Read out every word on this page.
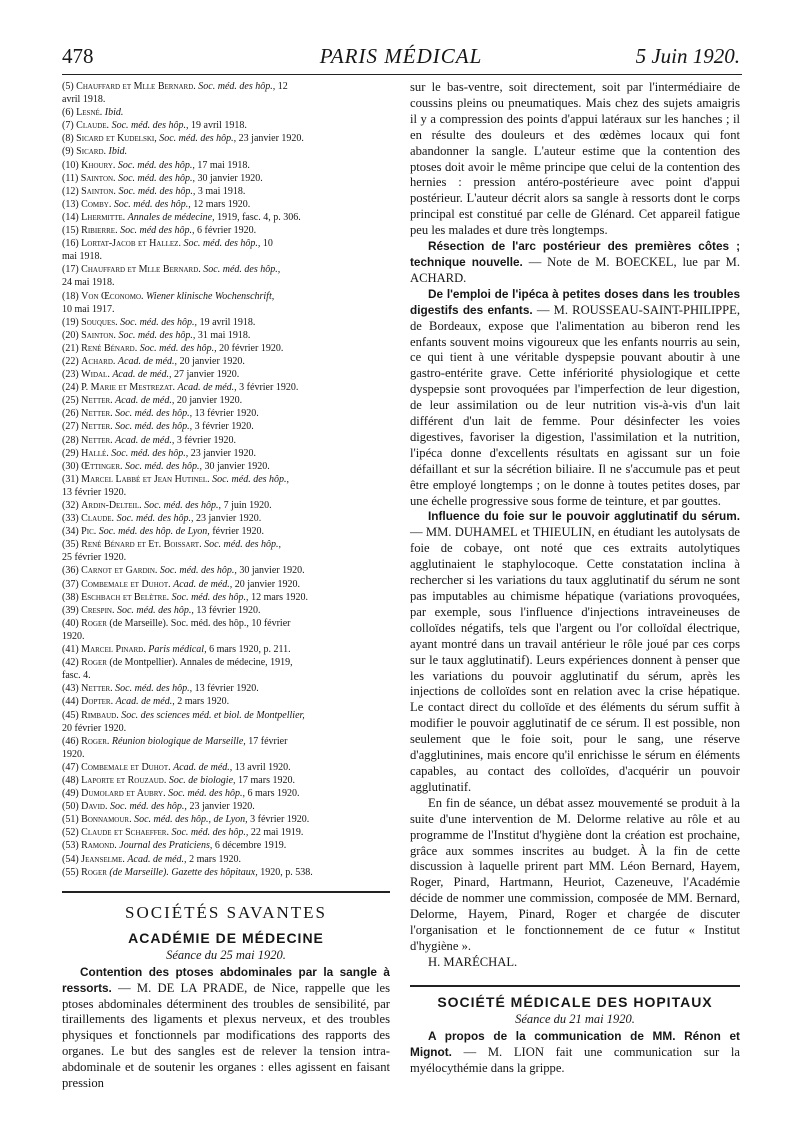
478	PARIS MÉDICAL	5 Juin 1920.

(5) Chauffard et Mlle Bernard. Soc. méd. des hôp., 12

avril 1918.

(6) Lesné. Ibid.

(7) Claude. Soc. méd. des hôp., 19 avril 1918.

(8) Sicard et Kudelski, Soc. méd. des hôp., 23 janvier 1920.

(9) Sicard. Ibid.

(10) Khoury. Soc. méd. des hôp., 17 mai 1918.

(11) Sainton. Soc. méd. des hôp., 30 janvier 1920.

(12) Sainton. Soc. méd. des hôp., 3 mai 1918.

(13) Comby. Soc. méd. des hôp., 12 mars 1920.

(14) Lhermitte. Annales de médecine, 1919, fasc. 4, p. 306.

(15) Ribierre. Soc. méd des hôp., 6 février 1920.

(16) Lortat-Jacob et Hallez. Soc. méd. des hôp., 10

mai 1918.

(17) Chauffard et Mlle Bernard. Soc. méd. des hôp.,

24 mai 1918.

(18) Von Œconomo. Wiener klinische Wochenschrift,

10 mai 1917.

(19) Souques. Soc. méd. des hôp., 19 avril 1918.

(20) Sainton. Soc. méd. des hôp., 31 mai 1918.

(21) René Bénard. Soc. méd. des hôp., 20 février 1920.

(22) Achard. Acad. de méd., 20 janvier 1920.

(23) Widal. Acad. de méd., 27 janvier 1920.

(24) P. Marie et Mestrezat. Acad. de méd., 3 février 1920.

(25) Netter. Acad. de méd., 20 janvier 1920.

(26) Netter. Soc. méd. des hôp., 13 février 1920.

(27) Netter. Soc. méd. des hôp., 3 février 1920.

(28) Netter. Acad. de méd., 3 février 1920.

(29) Hallé. Soc. méd. des hôp., 23 janvier 1920.

(30) Œttinger. Soc. méd. des hôp., 30 janvier 1920.

(31) Marcel Labbé et Jean Hutinel. Soc. méd. des hôp.,

13 février 1920.

(32) Ardin-Delteil. Soc. méd. des hôp., 7 juin 1920.

(33) Claude. Soc. méd. des hôp., 23 janvier 1920.

(34) Pic. Soc. méd. des hôp. de Lyon, février 1920.

(35) René Bénard et Et. Boissart. Soc. méd. des hôp.,

25 février 1920.

(36) Carnot et Gardin. Soc. méd. des hôp., 30 janvier 1920.

(37) Combemale et Duhot. Acad. de méd., 20 janvier 1920.

(38) Eschbach et Belètre. Soc. méd. des hôp., 12 mars 1920.

(39) Crespin. Soc. méd. des hôp., 13 février 1920.

(40) Roger (de Marseille). Soc. méd. des hôp., 10 février

1920.

(41) Marcel Pinard. Paris médical, 6 mars 1920, p. 211.

(42) Roger (de Montpellier). Annales de médecine, 1919,

fasc. 4.

(43) Netter. Soc. méd. des hôp., 13 février 1920.

(44) Dopter. Acad. de méd., 2 mars 1920.

(45) Rimbaud. Soc. des sciences méd. et biol. de Montpellier,

20 février 1920.

(46) Roger. Réunion biologique de Marseille, 17 février

1920.

(47) Combemale et Duhot. Acad. de méd., 13 avril 1920.

(48) Laporte et Rouzaud. Soc. de biologie, 17 mars 1920.

(49) Dumolard et Aubry. Soc. méd. des hôp., 6 mars 1920.

(50) David. Soc. méd. des hôp., 23 janvier 1920.

(51) Bonnamour. Soc. méd. des hôp., de Lyon, 3 février 1920.

(52) Claude et Schaeffer. Soc. méd. des hôp., 22 mai 1919.

(53) Ramond. Journal des Praticiens, 6 décembre 1919.

(54) Jeanselme. Acad. de méd., 2 mars 1920.

(55) Roger (de Marseille). Gazette des hôpitaux, 1920, p. 538.

SOCIÉTÉS SAVANTES
ACADÉMIE DE MÉDECINE
Séance du 25 mai 1920.

Contention des ptoses abdominales par la sangle à ressorts. — M. DE LA PRADE, de Nice, rappelle que les ptoses abdominales déterminent des troubles de sensibilité, par tiraillements des ligaments et plexus nerveux, et des troubles physiques et fonctionnels par modifications des rapports des organes. Le but des sangles est de relever la tension intra-abdominale et de soutenir les organes : elles agissent en faisant pression

sur le bas-ventre, soit directement, soit par l'intermédiaire de coussins pleins ou pneumatiques. Mais chez des sujets amaigris il y a compression des points d'appui latéraux sur les hanches ; il en résulte des douleurs et des œdèmes locaux qui font abandonner la sangle. L'auteur estime que la contention des ptoses doit avoir le même principe que celui de la contention des hernies : pression antéro-postérieure avec point d'appui postérieur. L'auteur décrit alors sa sangle à ressorts dont le corps principal est constitué par celle de Glénard. Cet appareil fatigue peu les malades et dure très longtemps.

Résection de l'arc postérieur des premières côtes ; technique nouvelle. — Note de M. BOECKEL, lue par M. ACHARD.

De l'emploi de l'ipéca à petites doses dans les troubles digestifs des enfants. — M. ROUSSEAU-SAINT-PHILIPPE, de Bordeaux, expose que l'alimentation au biberon rend les enfants souvent moins vigoureux que les enfants nourris au sein, ce qui tient à une véritable dyspepsie pouvant aboutir à une gastro-entérite grave. Cette infériorité physiologique et cette dyspepsie sont provoquées par l'imperfection de leur digestion, de leur assimilation ou de leur nutrition vis-à-vis d'un lait différent d'un lait de femme. Pour désinfecter les voies digestives, favoriser la digestion, l'assimilation et la nutrition, l'ipéca donne d'excellents résultats en agissant sur un foie défaillant et sur la sécrétion biliaire. Il ne s'accumule pas et peut être employé longtemps ; on le donne à toutes petites doses, par une échelle progressive sous forme de teinture, et par gouttes.

Influence du foie sur le pouvoir agglutinatif du sérum. — MM. DUHAMEL et THIEULIN, en étudiant les autolysats de foie de cobaye, ont noté que ces extraits autolytiques agglutinaient le staphylocoque. Cette constatation inclina à rechercher si les variations du taux agglutinatif du sérum ne sont pas imputables au chimisme hépatique (variations provoquées, par exemple, sous l'influence d'injections intraveineuses de colloïdes négatifs, tels que l'argent ou l'or colloïdal électrique, ayant montré dans un travail antérieur le rôle joué par ces corps sur le taux agglutinatif). Leurs expériences donnent à penser que les variations du pouvoir agglutinatif du sérum, après les injections de colloïdes sont en relation avec la crise hépatique. Le contact direct du colloïde et des éléments du sérum suffit à modifier le pouvoir agglutinatif de ce sérum. Il est possible, non seulement que le foie soit, pour le sang, une réserve d'agglutinines, mais encore qu'il enrichisse le sérum en éléments capables, au contact des colloïdes, d'acquérir un pouvoir agglutinatif.

En fin de séance, un débat assez mouvementé se produit à la suite d'une intervention de M. Delorme relative au rôle et au programme de l'Institut d'hygiène dont la création est prochaine, grâce aux sommes inscrites au budget. À la fin de cette discussion à laquelle prirent part MM. Léon Bernard, Hayem, Roger, Pinard, Hartmann, Heuriot, Cazeneuve, l'Académie décide de nommer une commission, composée de MM. Bernard, Delorme, Hayem, Pinard, Roger et chargée de discuter l'organisation et le fonctionnement de ce futur « Institut d'hygiène ».

H. MARÉCHAL.

SOCIÉTÉ MÉDICALE DES HOPITAUX
Séance du 21 mai 1920.

A propos de la communication de MM. Rénon et Mignot. — M. LION fait une communication sur la myélocythémie dans la grippe.
